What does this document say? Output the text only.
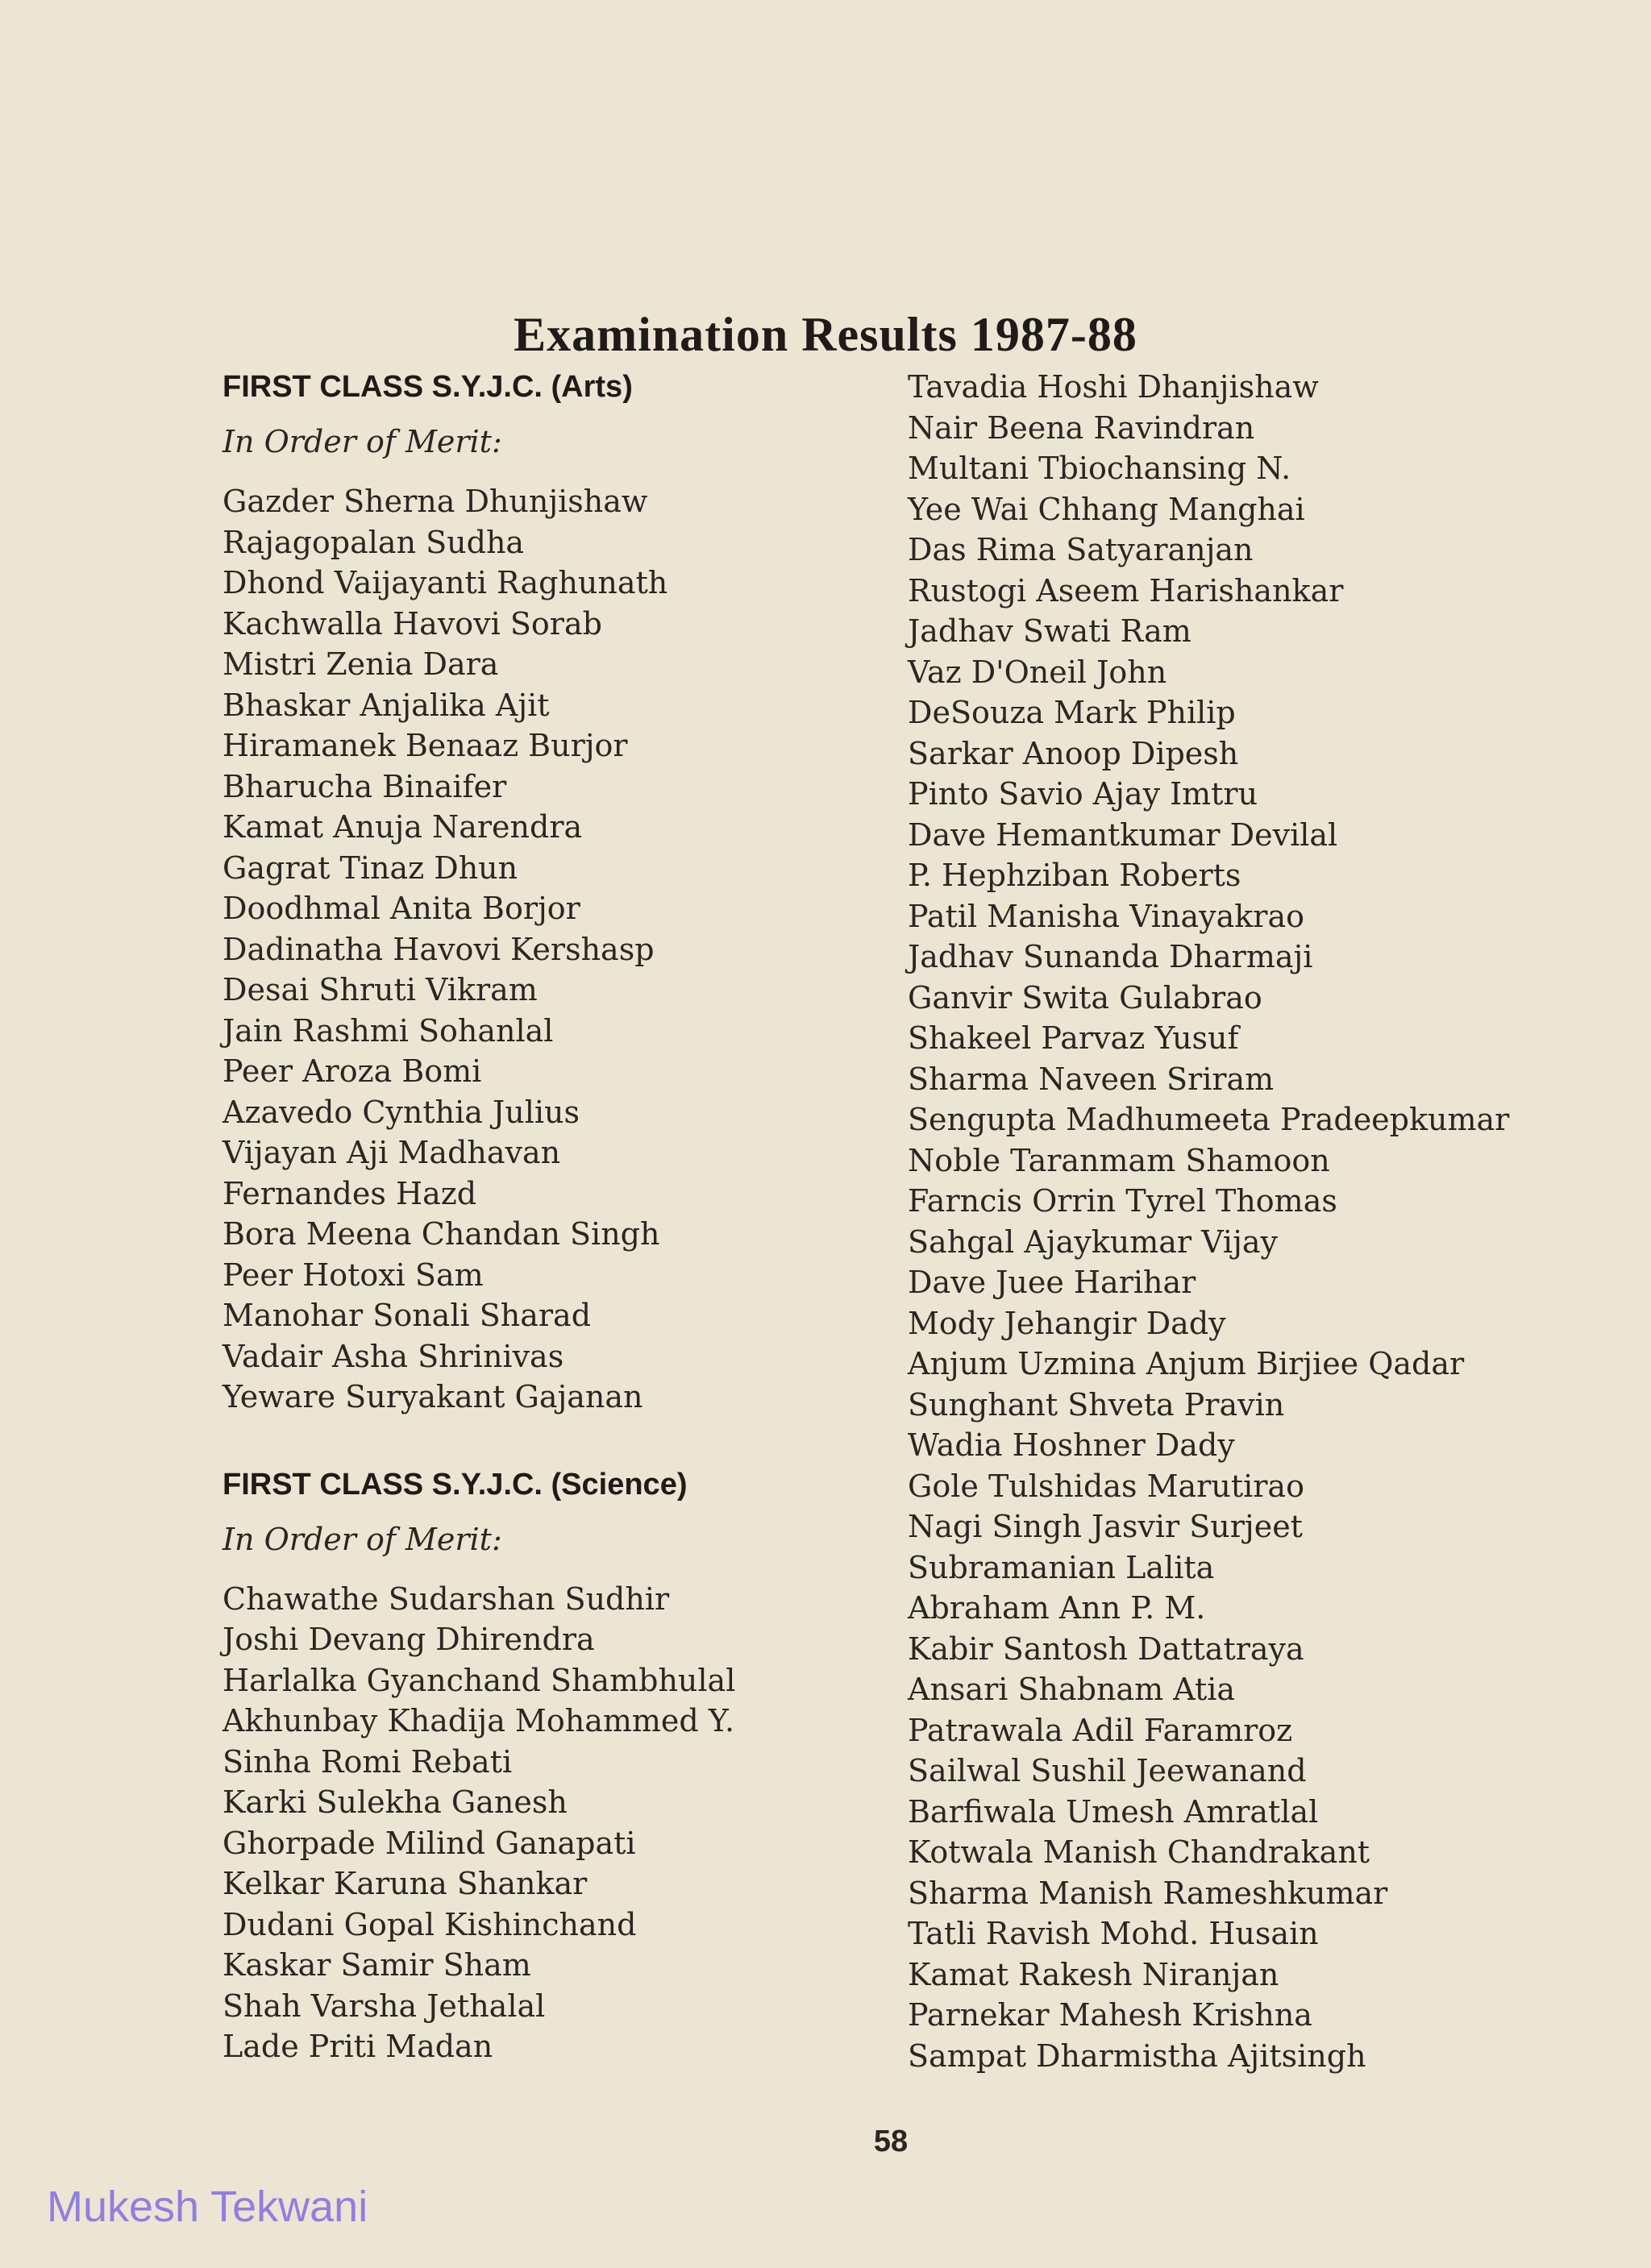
Examination Results 1987-88
FIRST CLASS S.Y.J.C. (Arts)

In Order of Merit:

Gazder Sherna Dhunjishaw
Rajagopalan Sudha
Dhond Vaijayanti Raghunath
Kachwalla Havovi Sorab
Mistri Zenia Dara
Bhaskar Anjalika Ajit
Hiramanek Benaaz Burjor
Bharucha Binaifer
Kamat Anuja Narendra
Gagrat Tinaz Dhun
Doodhmal Anita Borjor
Dadinatha Havovi Kershasp
Desai Shruti Vikram
Jain Rashmi Sohanlal
Peer Aroza Bomi
Azavedo Cynthia Julius
Vijayan Aji Madhavan
Fernandes Hazd
Bora Meena Chandan Singh
Peer Hotoxi Sam
Manohar Sonali Sharad
Vadair Asha Shrinivas
Yeware Suryakant Gajanan
FIRST CLASS S.Y.J.C. (Science)

In Order of Merit:

Chawathe Sudarshan Sudhir
Joshi Devang Dhirendra
Harlalka Gyanchand Shambhulal
Akhunbay Khadija Mohammed Y.
Sinha Romi Rebati
Karki Sulekha Ganesh
Ghorpade Milind Ganapati
Kelkar Karuna Shankar
Dudani Gopal Kishinchand
Kaskar Samir Sham
Shah Varsha Jethalal
Lade Priti Madan
Tavadia Hoshi Dhanjishaw
Nair Beena Ravindran
Multani Tbiochansing N.
Yee Wai Chhang Manghai
Das Rima Satyaranjan
Rustogi Aseem Harishankar
Jadhav Swati Ram
Vaz D'Oneil John
DeSouza Mark Philip
Sarkar Anoop Dipesh
Pinto Savio Ajay Imtru
Dave Hemantkumar Devilal
P. Hephziban Roberts
Patil Manisha Vinayakrao
Jadhav Sunanda Dharmaji
Ganvir Swita Gulabrao
Shakeel Parvaz Yusuf
Sharma Naveen Sriram
Sengupta Madhumeeta Pradeepkumar
Noble Taranmam Shamoon
Farncis Orrin Tyrel Thomas
Sahgal Ajaykumar Vijay
Dave Juee Harihar
Mody Jehangir Dady
Anjum Uzmina Anjum Birjiee Qadar
Sunghant Shveta Pravin
Wadia Hoshner Dady
Gole Tulshidas Marutirao
Nagi Singh Jasvir Surjeet
Subramanian Lalita
Abraham Ann P. M.
Kabir Santosh Dattatraya
Ansari Shabnam Atia
Patrawala Adil Faramroz
Sailwal Sushil Jeewanand
Barfiwala Umesh Amratlal
Kotwala Manish Chandrakant
Sharma Manish Rameshkumar
Tatli Ravish Mohd. Husain
Kamat Rakesh Niranjan
Parnekar Mahesh Krishna
Sampat Dharmistha Ajitsingh
58
Mukesh Tekwani
